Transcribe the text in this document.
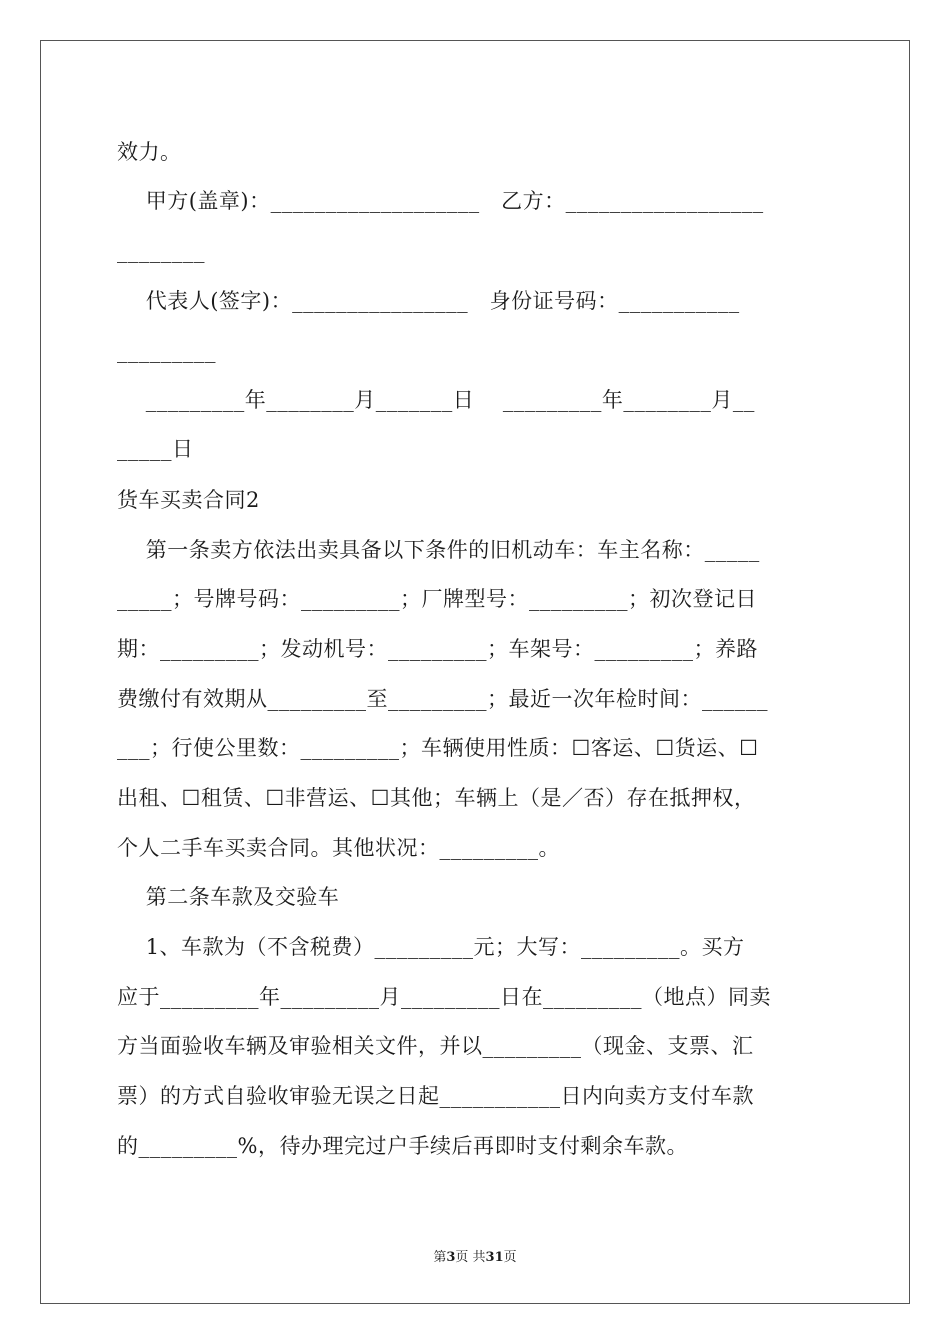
效力。
甲方(盖章)：___________________   乙方：__________________
________
代表人(签字)：________________   身份证号码：___________
_________
_________年________月_______日    _________年________月__
_____日
货车买卖合同2
第一条卖方依法出卖具备以下条件的旧机动车：车主名称：_____
_____；号牌号码：_________；厂牌型号：_________；初次登记日
期：_________；发动机号：_________；车架号：_________；养路
费缴付有效期从_________至_________；最近一次年检时间：______
___；行使公里数：_________；车辆使用性质：☐客运、☐货运、☐
出租、☐租赁、☐非营运、☐其他；车辆上（是／否）存在抵押权，
个人二手车买卖合同。其他状况：_________。
第二条车款及交验车
1、车款为（不含税费）_________元；大写：_________。买方
应于_________年_________月_________日在_________（地点）同卖
方当面验收车辆及审验相关文件，并以_________（现金、支票、汇
票）的方式自验收审验无误之日起___________日内向卖方支付车款
的_________%，待办理完过户手续后再即时支付剩余车款。
第3页 共31页
